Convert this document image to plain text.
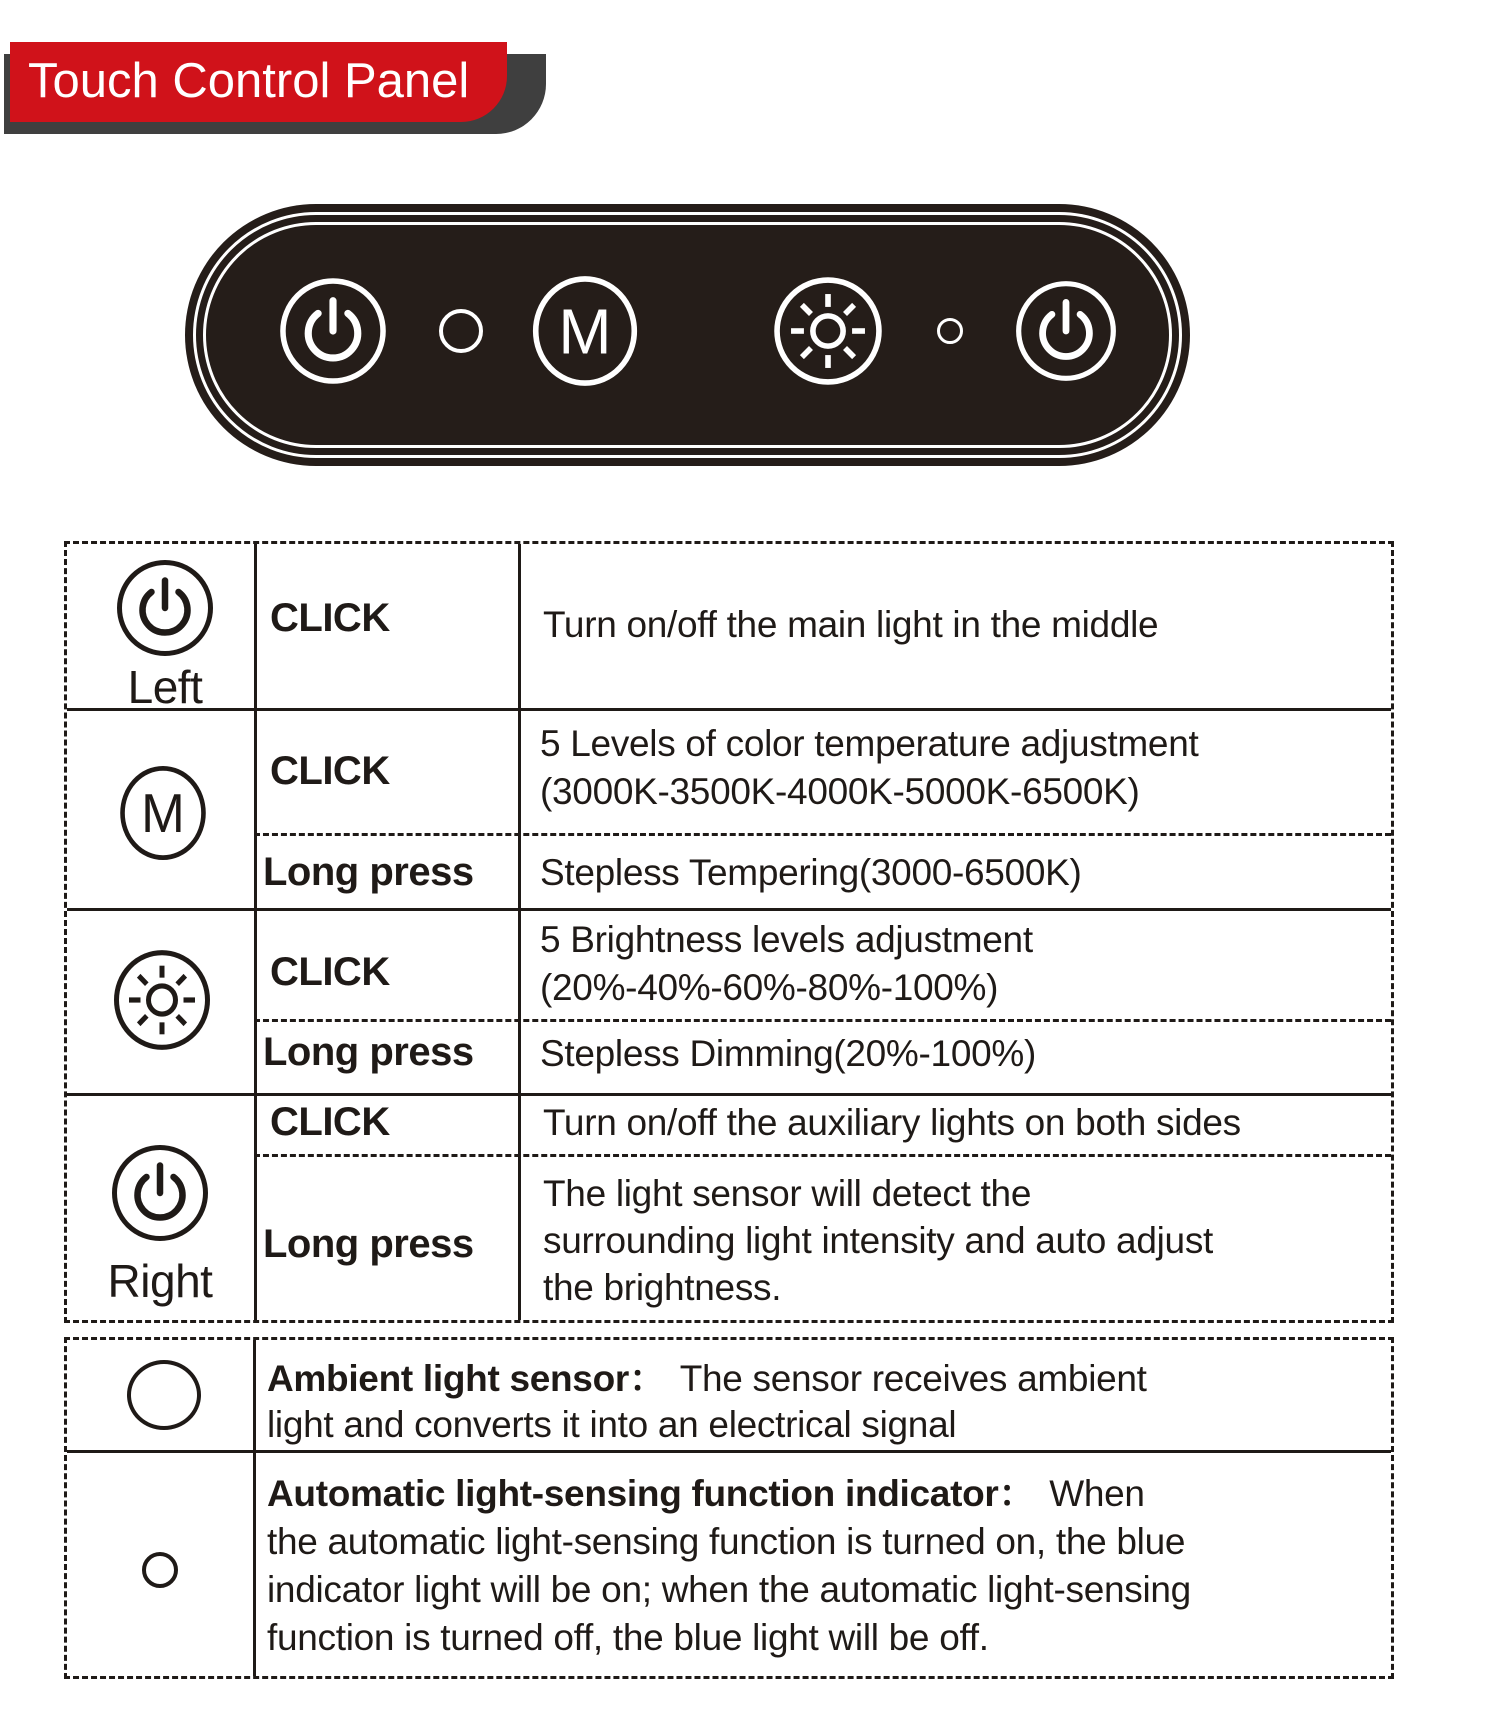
Touch Control Panel
M
Left
CLICK	Turn on/off the main light in the middle
M
CLICK
5 Levels of color temperature adjustment
(3000K-3500K-4000K-5000K-6500K)
Long press Stepless Tempering(3000-6500K)
CLICK
5 Brightness levels adjustment
(20%-40%-60%-80%-100%)
Long press Stepless Dimming(20%-100%)
CLICK	Turn on/off the auxiliary lights on both sides
Right
Long press
The light sensor will detect the
surrounding light intensity and auto adjust
the brightness.
Ambient light sensor： The sensor receives ambient
light and converts it into an electrical signal
Automatic light-sensing function indicator： When
the automatic light-sensing function is turned on, the blue
indicator light will be on; when the automatic light-sensing
function is turned off, the blue light will be off.
